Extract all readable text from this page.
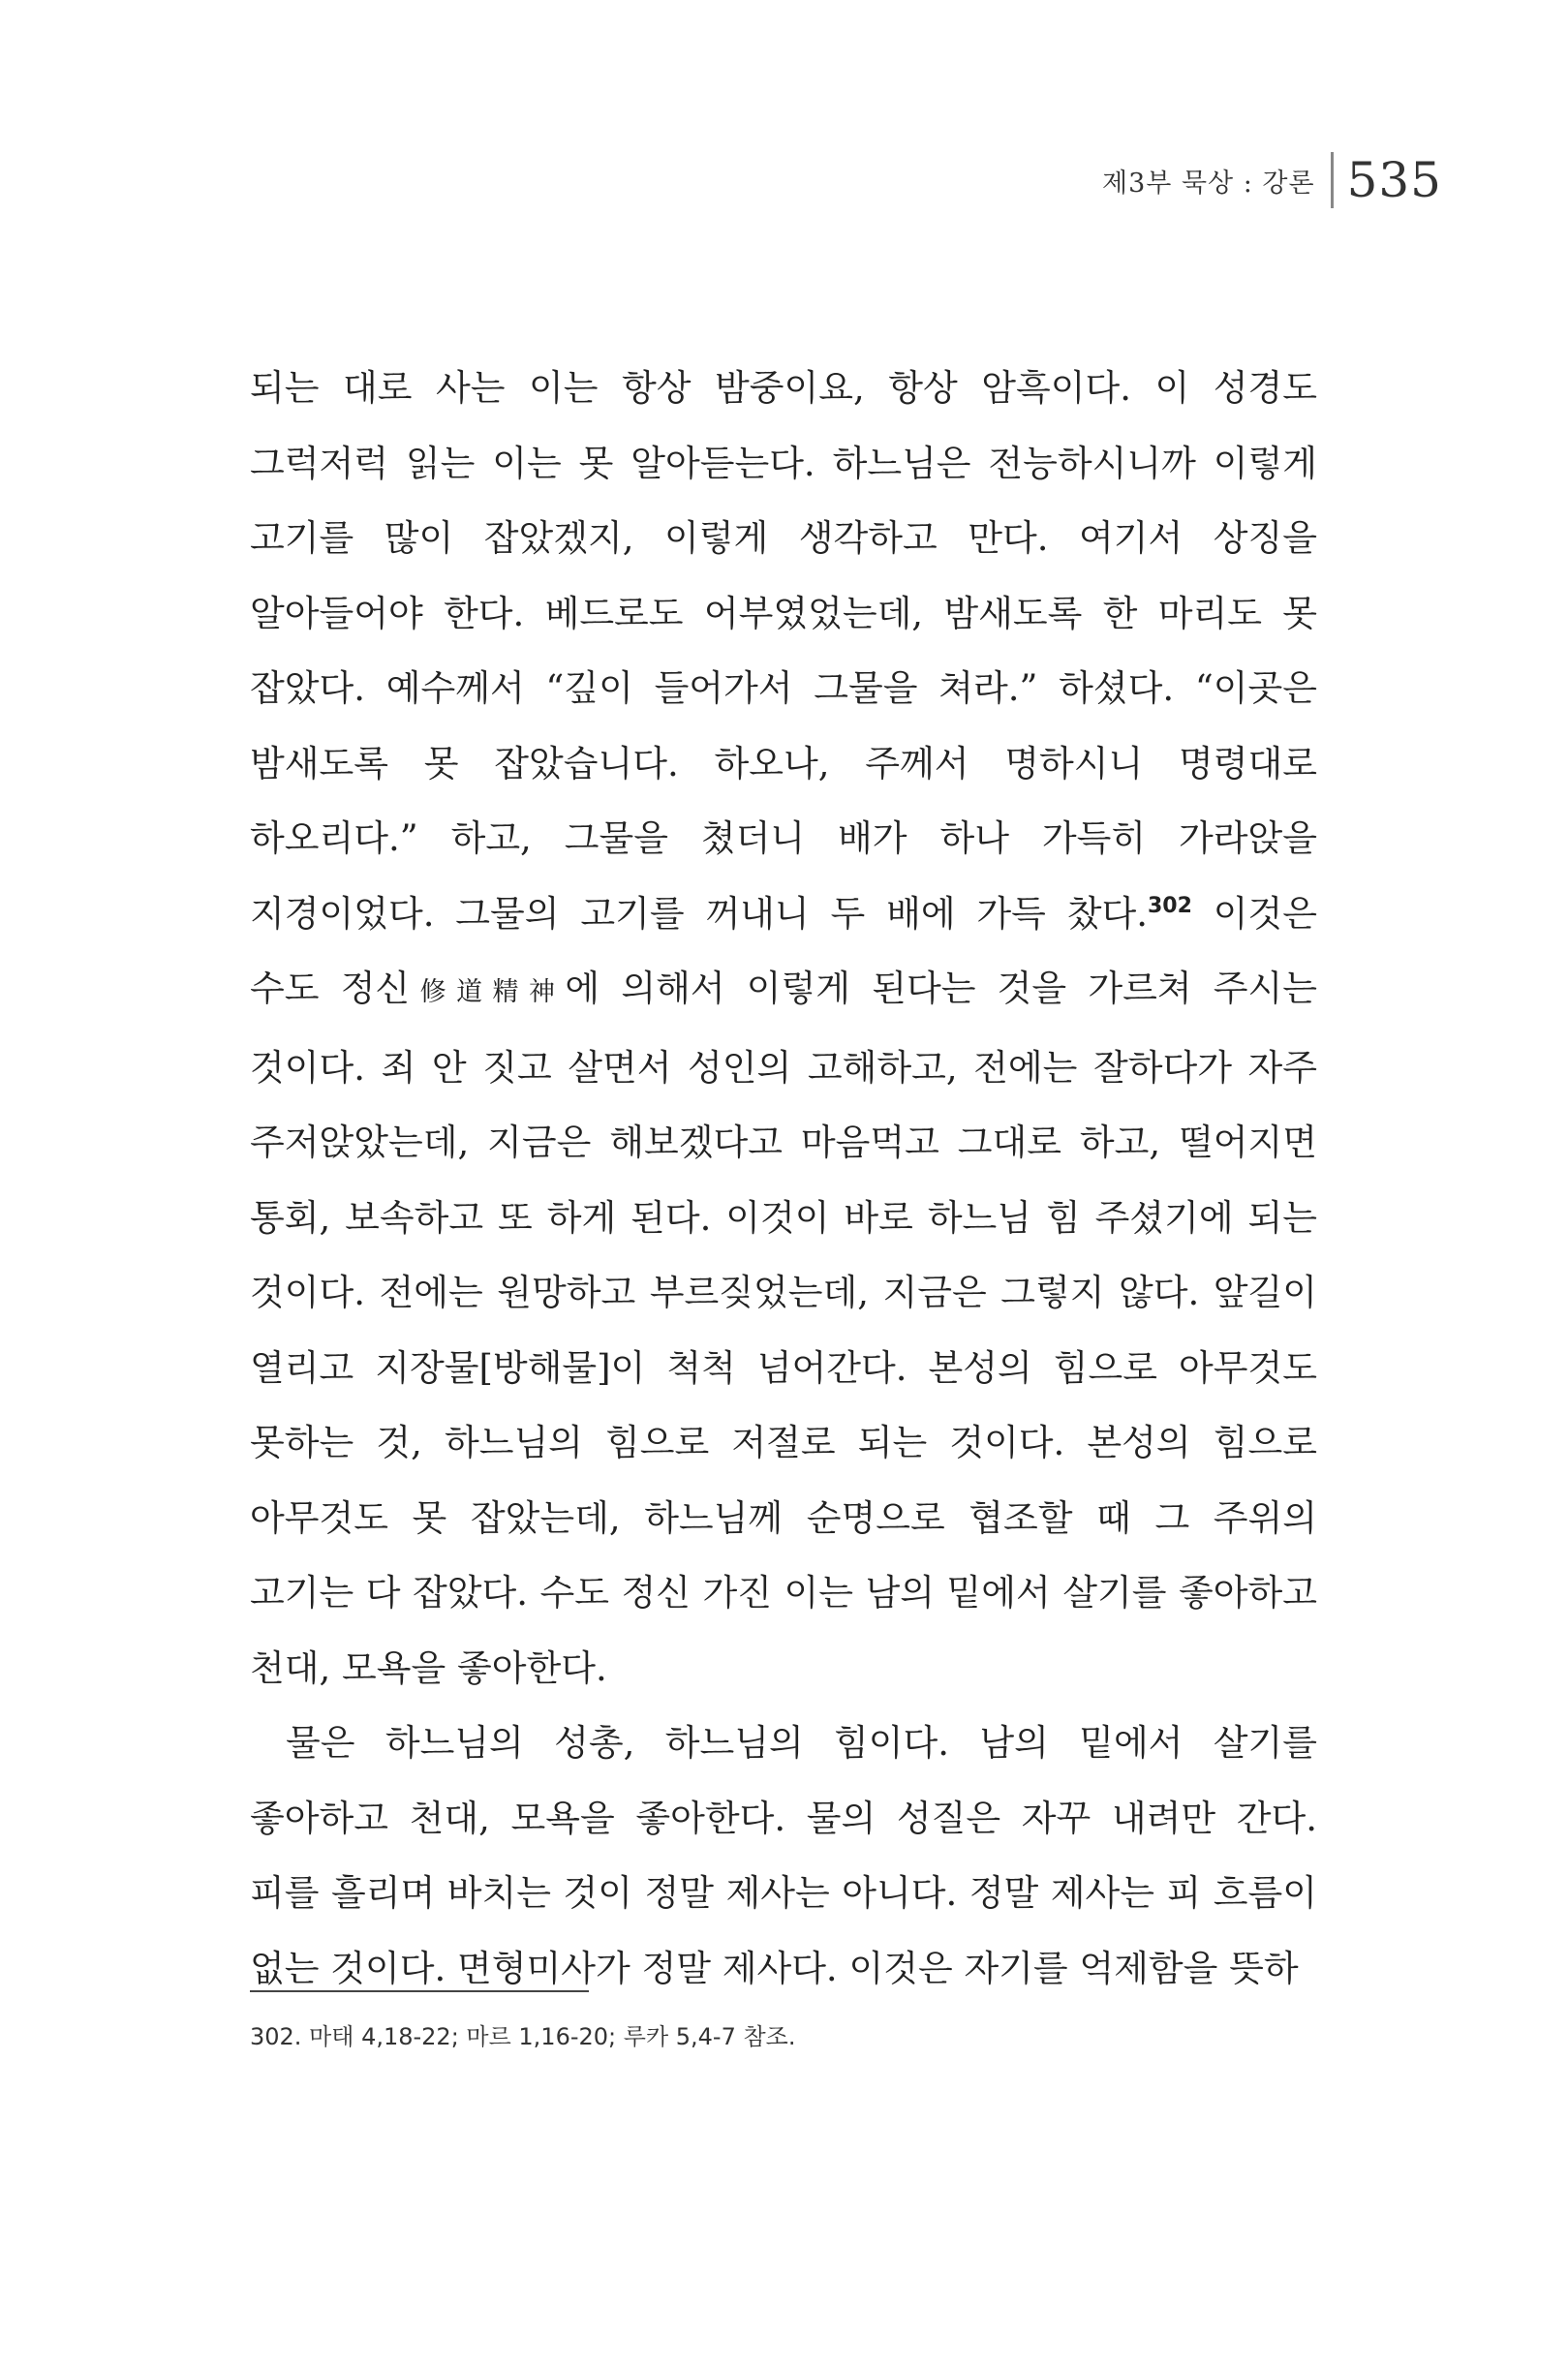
제3부 묵상 : 강론 535

되는 대로 사는 이는 항상 밤중이요, 항상 암흑이다. 이 성경도 그럭저럭 읽는 이는 못 알아듣는다. 하느님은 전능하시니까 이렇게 고기를 많이 잡았겠지, 이렇게 생각하고 만다. 여기서 상징을 알아들어야 한다. 베드로도 어부였었는데, 밤새도록 한 마리도 못 잡았다. 예수께서 “깊이 들어가서 그물을 쳐라.” 하셨다. “이곳은 밤새도록 못 잡았습니다. 하오나, 주께서 명하시니 명령대로 하오리다.” 하고, 그물을 쳤더니 배가 하나 가득히 가라앉을 지경이었다. 그물의 고기를 꺼내니 두 배에 가득 찼다.$^{302}$ 이것은 수도 정신修道精神에 의해서 이렇게 된다는 것을 가르쳐 주시는 것이다. 죄 안 짓고 살면서 성인의 고해하고, 전에는 잘하다가 자주 주저앉았는데, 지금은 해보겠다고 마음먹고 그대로 하고, 떨어지면 통회, 보속하고 또 하게 된다. 이것이 바로 하느님 힘 주셨기에 되는 것이다. 전에는 원망하고 부르짖었는데, 지금은 그렇지 않다. 앞길이 열리고 지장물[방해물]이 척척 넘어간다. 본성의 힘으로 아무것도 못하는 것, 하느님의 힘으로 저절로 되는 것이다. 본성의 힘으로 아무것도 못 잡았는데, 하느님께 순명으로 협조할 때 그 주위의 고기는 다 잡았다. 수도 정신 가진 이는 남의 밑에서 살기를 좋아하고 천대, 모욕을 좋아한다.

물은 하느님의 성총, 하느님의 힘이다. 남의 밑에서 살기를 좋아하고 천대, 모욕을 좋아한다. 물의 성질은 자꾸 내려만 간다. 피를 흘리며 바치는 것이 정말 제사는 아니다. 정말 제사는 피 흐름이 없는 것이다. 면형미사가 정말 제사다. 이것은 자기를 억제함을 뜻하

302. 마태 4,18-22; 마르 1,16-20; 루카 5,4-7 참조.
